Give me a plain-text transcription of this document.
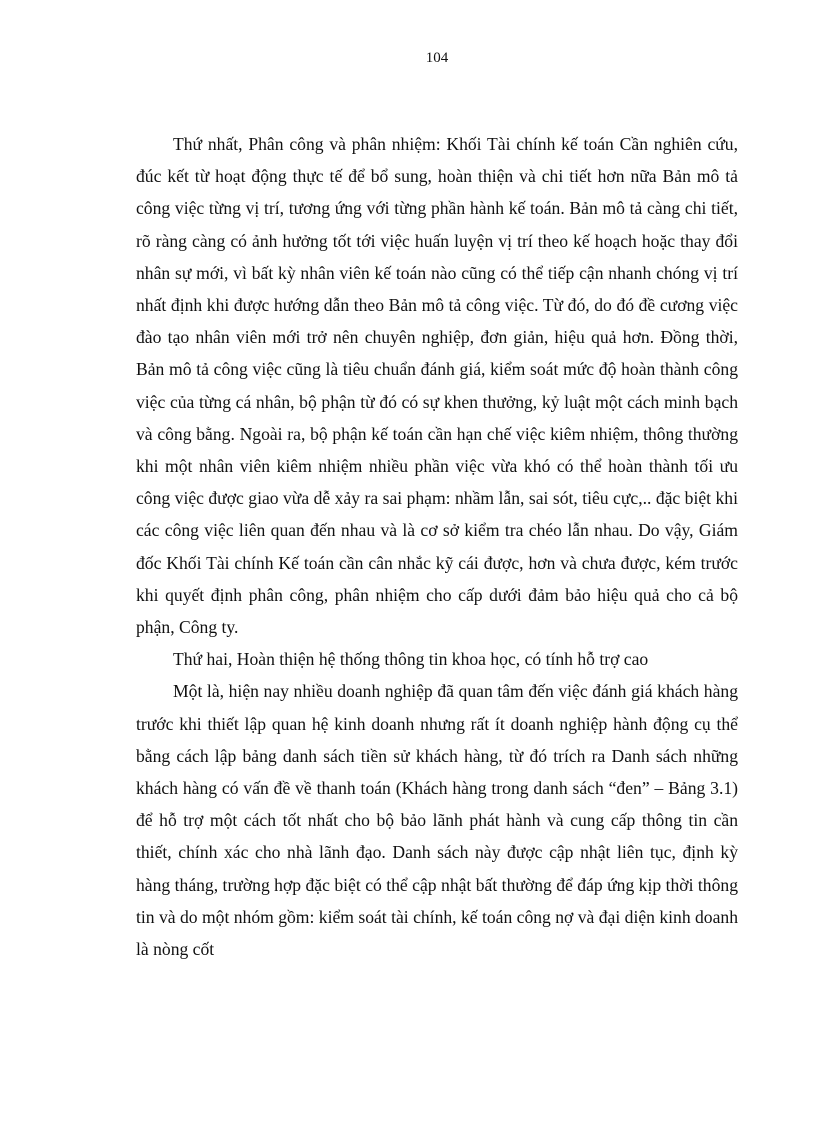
104

Thứ nhất, Phân công và phân nhiệm: Khối Tài chính kế toán Cần nghiên cứu, đúc kết từ hoạt động thực tế để bổ sung, hoàn thiện và chi tiết hơn nữa Bản mô tả công việc từng vị trí, tương ứng với từng phần hành kế toán. Bản mô tả càng chi tiết, rõ ràng càng có ảnh hưởng tốt tới việc huấn luyện vị trí theo kế hoạch hoặc thay đổi nhân sự mới, vì bất kỳ nhân viên kế toán nào cũng có thể tiếp cận nhanh chóng vị trí nhất định khi được hướng dẫn theo Bản mô tả công việc. Từ đó, do đó đề cương việc đào tạo nhân viên mới trở nên chuyên nghiệp, đơn giản, hiệu quả hơn. Đồng thời, Bản mô tả công việc cũng là tiêu chuẩn đánh giá, kiểm soát mức độ hoàn thành công việc của từng cá nhân, bộ phận từ đó có sự khen thưởng, kỷ luật một cách minh bạch và công bằng. Ngoài ra, bộ phận kế toán cần hạn chế việc kiêm nhiệm, thông thường khi một nhân viên kiêm nhiệm nhiều phần việc vừa khó có thể hoàn thành tối ưu công việc được giao vừa dễ xảy ra sai phạm: nhầm lẫn, sai sót, tiêu cực,.. đặc biệt khi các công việc liên quan đến nhau và là cơ sở kiểm tra chéo lẫn nhau. Do vậy, Giám đốc Khối Tài chính Kế toán cần cân nhắc kỹ cái được, hơn và chưa được, kém trước khi quyết định phân công, phân nhiệm cho cấp dưới đảm bảo hiệu quả cho cả bộ phận, Công ty.

Thứ hai, Hoàn thiện hệ thống thông tin khoa học, có tính hỗ trợ cao

Một là, hiện nay nhiều doanh nghiệp đã quan tâm đến việc đánh giá khách hàng trước khi thiết lập quan hệ kinh doanh nhưng rất ít doanh nghiệp hành động cụ thể bằng cách lập bảng danh sách tiền sử khách hàng, từ đó trích ra Danh sách những khách hàng có vấn đề về thanh toán (Khách hàng trong danh sách “đen” – Bảng 3.1) để hỗ trợ một cách tốt nhất cho bộ bảo lãnh phát hành và cung cấp thông tin cần thiết, chính xác cho nhà lãnh đạo. Danh sách này được cập nhật liên tục, định kỳ hàng tháng, trường hợp đặc biệt có thể cập nhật bất thường để đáp ứng kịp thời thông tin và do một nhóm gồm: kiểm soát tài chính, kế toán công nợ và đại diện kinh doanh là nòng cốt
